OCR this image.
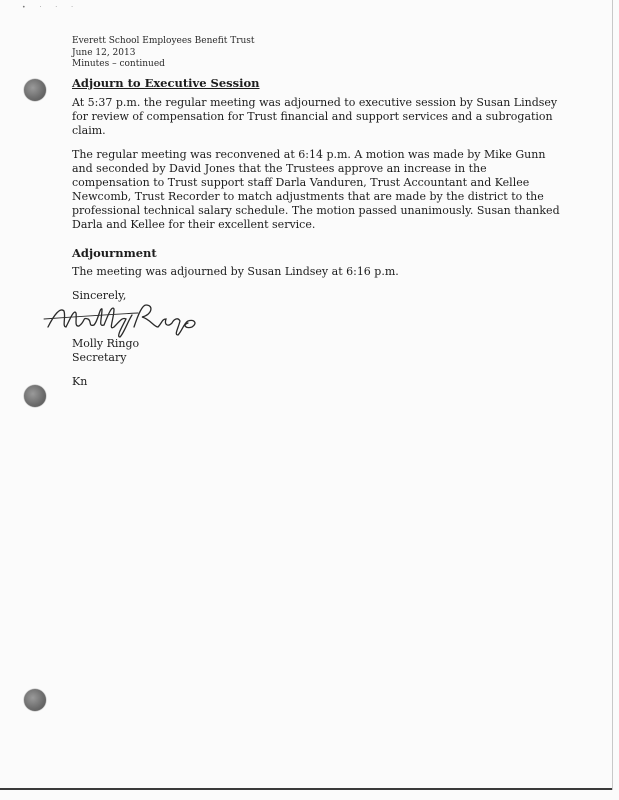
• · · ·
Everett School Employees Benefit Trust
June 12, 2013
Minutes – continued
Adjourn to Executive Session

At 5:37 p.m. the regular meeting was adjourned to executive session by Susan Lindsey for review of compensation for Trust financial and support services and a subrogation claim.

The regular meeting was reconvened at 6:14 p.m. A motion was made by Mike Gunn and seconded by David Jones that the Trustees approve an increase in the compensation to Trust support staff Darla Vanduren, Trust Accountant and Kellee Newcomb, Trust Recorder to match adjustments that are made by the district to the professional technical salary schedule. The motion passed unanimously. Susan thanked Darla and Kellee for their excellent service.

Adjournment

The meeting was adjourned by Susan Lindsey at 6:16 p.m.

Sincerely,
Molly Ringo
Secretary
Kn
